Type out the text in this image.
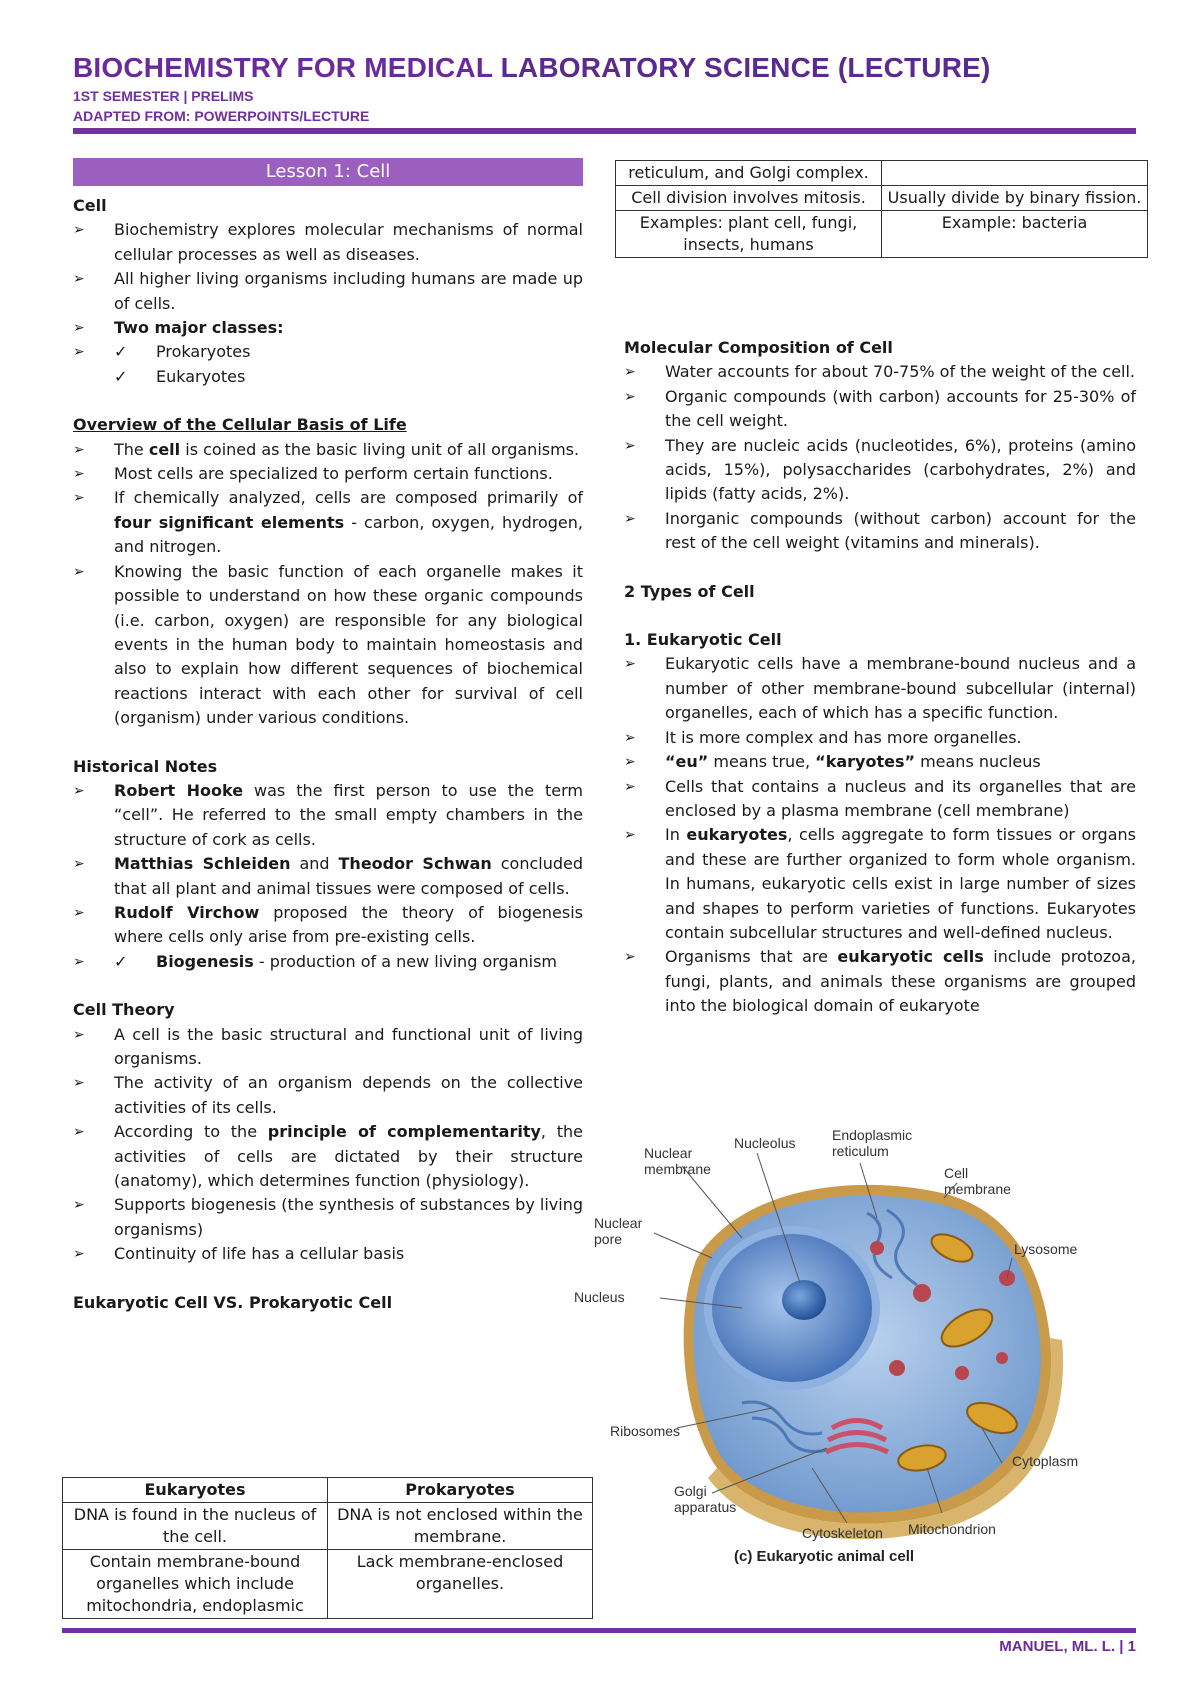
BIOCHEMISTRY FOR MEDICAL LABORATORY SCIENCE (LECTURE)
1ST SEMESTER | PRELIMS
ADAPTED FROM: POWERPOINTS/LECTURE
Lesson 1: Cell

Cell

➢ Biochemistry explores molecular mechanisms of normal cellular processes as well as diseases.
➢ All higher living organisms including humans are made up of cells.
➢ Two major classes:
✓ ➢ Prokaryotes
✓ Eukaryotes

Overview of the Cellular Basis of Life

➢ The cell is coined as the basic living unit of all organisms.
➢ Most cells are specialized to perform certain functions.
➢ If chemically analyzed, cells are composed primarily of four significant elements - carbon, oxygen, hydrogen, and nitrogen.
➢ Knowing the basic function of each organelle makes it possible to understand on how these organic compounds (i.e. carbon, oxygen) are responsible for any biological events in the human body to maintain homeostasis and also to explain how different sequences of biochemical reactions interact with each other for survival of cell (organism) under various conditions.

Historical Notes

➢ Robert Hooke was the first person to use the term “cell”. He referred to the small empty chambers in the structure of cork as cells.
➢ Matthias Schleiden and Theodor Schwan concluded that all plant and animal tissues were composed of cells.
➢ Rudolf Virchow proposed the theory of biogenesis where cells only arise from pre-existing cells.
✓ ➢ Biogenesis - production of a new living organism

Cell Theory

➢ A cell is the basic structural and functional unit of living organisms.
➢ The activity of an organism depends on the collective activities of its cells.
➢ According to the principle of complementarity, the activities of cells are dictated by their structure (anatomy), which determines function (physiology).
➢ Supports biogenesis (the synthesis of substances by living organisms)
➢ Continuity of life has a cellular basis

Eukaryotic Cell VS. Prokaryotic Cell

Eukaryotes	Prokaryotes
DNA is found in the nucleus of the cell.	DNA is not enclosed within the membrane.
Contain membrane-bound organelles which include mitochondria, endoplasmic	Lack membrane-enclosed organelles.
reticulum, and Golgi complex.	
Cell division involves mitosis.	Usually divide by binary fission.
Examples: plant cell, fungi, insects, humans	Example: bacteria

Molecular Composition of Cell

➢ Water accounts for about 70-75% of the weight of the cell.
➢ Organic compounds (with carbon) accounts for 25-30% of the cell weight.
➢ They are nucleic acids (nucleotides, 6%), proteins (amino acids, 15%), polysaccharides (carbohydrates, 2%) and lipids (fatty acids, 2%).
➢ Inorganic compounds (without carbon) account for the rest of the cell weight (vitamins and minerals).

2 Types of Cell

1. Eukaryotic Cell

➢ Eukaryotic cells have a membrane-bound nucleus and a number of other membrane-bound subcellular (internal) organelles, each of which has a specific function.
➢ It is more complex and has more organelles.
➢ “eu” means true, “karyotes” means nucleus
➢ Cells that contains a nucleus and its organelles that are enclosed by a plasma membrane (cell membrane)
➢ In eukaryotes, cells aggregate to form tissues or organs and these are further organized to form whole organism. In humans, eukaryotic cells exist in large number of sizes and shapes to perform varieties of functions. Eukaryotes contain subcellular structures and well-defined nucleus.
➢ Organisms that are eukaryotic cells include protozoa, fungi, plants, and animals these organisms are grouped into the biological domain of eukaryote
Nuclear
membrane
Nucleolus	Endoplasmic
reticulum
Cell
membrane
Nuclear
pore
Lysosome
Nucleus
Ribosomes
Cytoplasm
Golgi
apparatus
Cytoskeleton Mitochondrion
(c) Eukaryotic animal cell
MANUEL, ML. L. | 1
